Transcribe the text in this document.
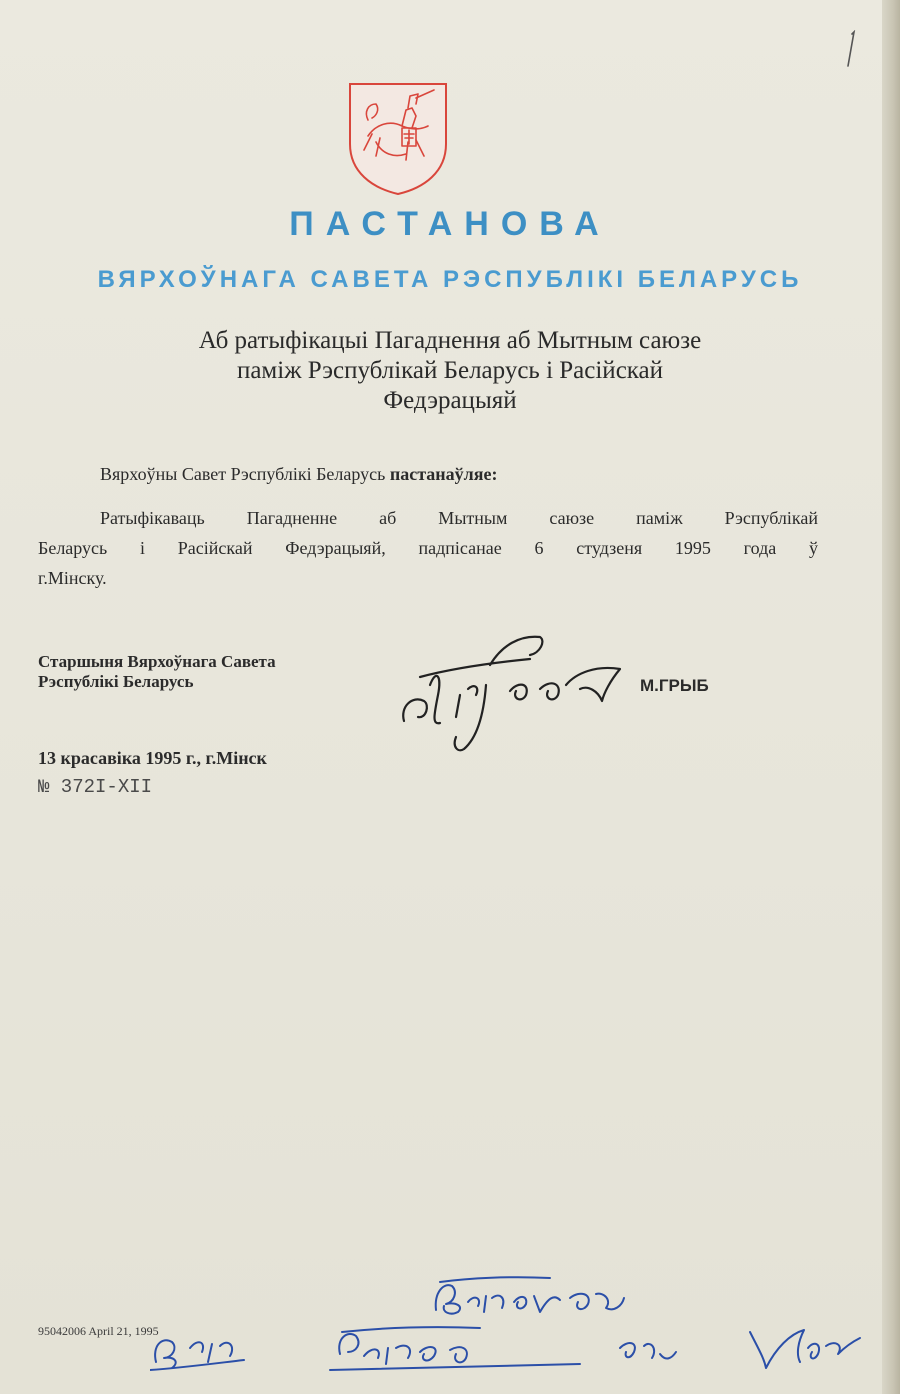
ПАСТАНОВА
ВЯРХОЎНАГА САВЕТА РЭСПУБЛІКІ БЕЛАРУСЬ
Аб ратыфікацыі Пагаднення аб Мытным саюзе
паміж Рэспублікай Беларусь і Расійскай
Федэрацыяй
Вярхоўны Савет Рэспублікі Беларусь пастанаўляе:
Ратыфікаваць Пагадненне аб Мытным саюзе паміж Рэспублікай
Беларусь і Расійскай Федэрацыяй, падпісанае 6 студзеня 1995 года ў
г.Мінску.
Старшыня Вярхоўнага Савета
Рэспублікі Беларусь	М.ГРЫБ
13 красавіка 1995 г., г.Мінск
№ 372I-XII
95042006 April 21, 1995
